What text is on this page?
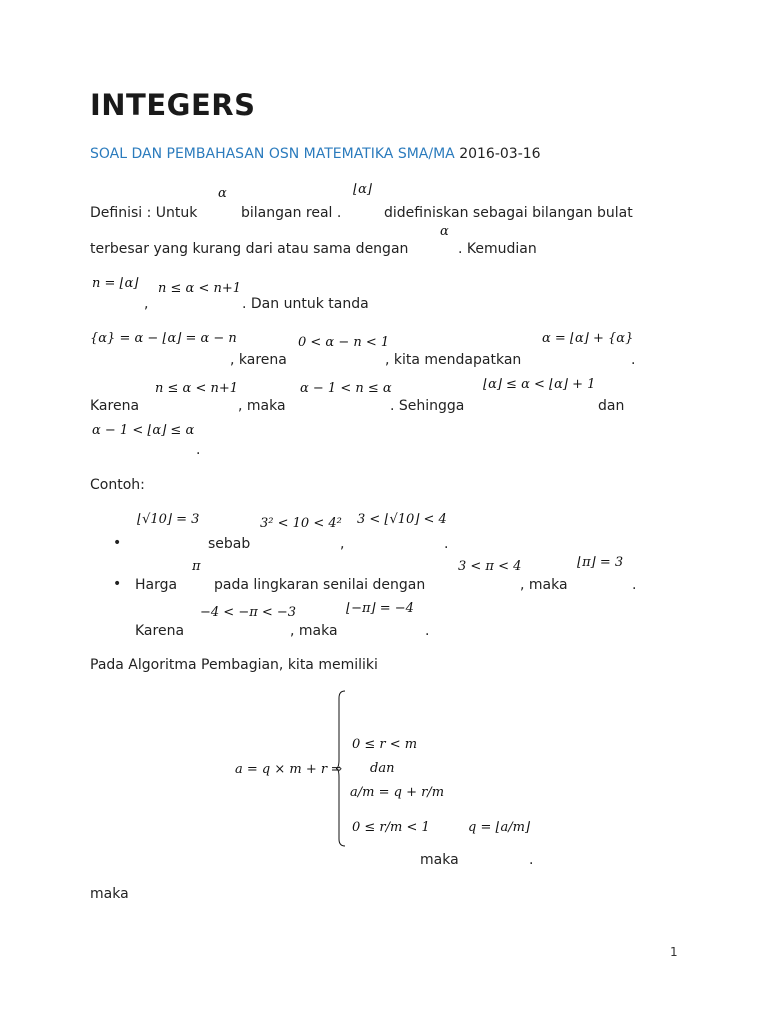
INTEGERS
SOAL DAN PEMBAHASAN OSN MATEMATIKA SMA/MA 2016-03-16
α	⌊α⌋
Definisi : Untuk	bilangan real .	didefiniskan sebagai bilangan bulat
α
terbesar yang kurang dari atau sama dengan	. Kemudian
n = ⌊α⌋ n ≤ α < n+1
,	. Dan untuk tanda
{α} = α − ⌊α⌋ = α − n	0 < α − n < 1	α = ⌊α⌋ + {α}
, karena	, kita mendapatkan	.
n ≤ α < n+1	α − 1 < n ≤ α	⌊α⌋ ≤ α < ⌊α⌋ + 1
Karena	, maka	. Sehingga	dan
α − 1 < ⌊α⌋ ≤ α
.
Contoh:
⌊√10⌋ = 3	3² < 10 < 4² 3 < ⌊√10⌋ < 4
•	sebab	,	.
π	3 < π < 4	⌊π⌋ = 3
• Harga	pada lingkaran senilai dengan	, maka	.
−4 < −π < −3	⌊−π⌋ = −4
Karena	, maka	.
Pada Algoritma Pembagian, kita memiliki
a = q × m + r ⇒
0 ≤ r < m
dan
a/m = q + r/m
0 ≤ r/m < 1	q = ⌊a/m⌋
maka	.
maka
1
